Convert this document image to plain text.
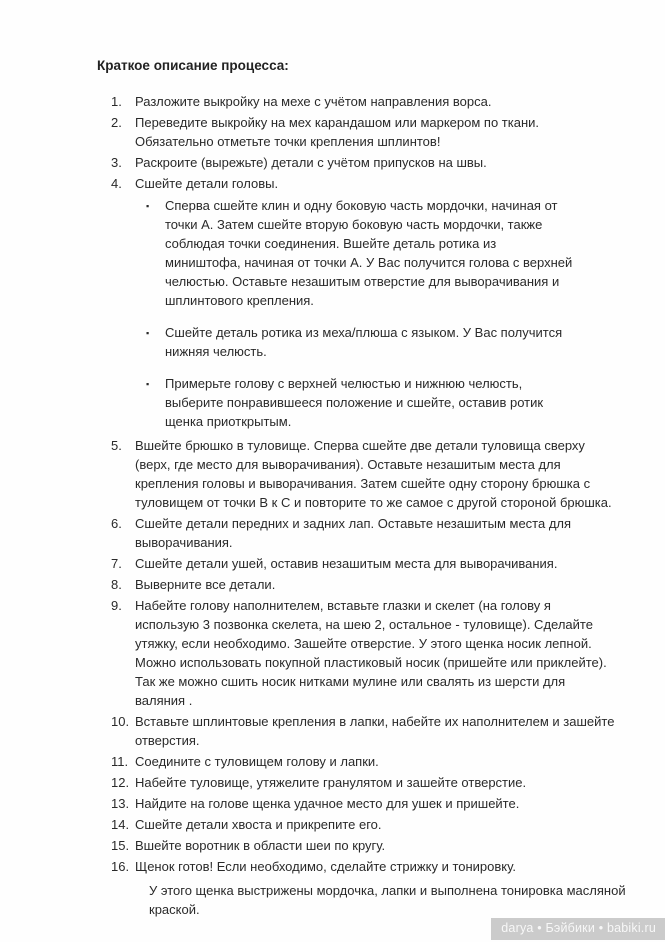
Краткое описание процесса:
1.	Разложите выкройку на мехе с учётом направления ворса.
2.	Переведите выкройку на мех карандашом или маркером по ткани. Обязательно отметьте точки крепления шплинтов!
3.	Раскроите (вырежьте) детали с учётом припусков на швы.
4.	Сшейте детали головы.
▪	Сперва сшейте клин и одну боковую часть мордочки, начиная от точки А. Затем сшейте вторую боковую часть мордочки, также соблюдая точки соединения. Вшейте деталь ротика из миништофа, начиная от точки А. У Вас получится голова с верхней челюстью. Оставьте незашитым отверстие для выворачивания и шплинтового крепления.
▪	Сшейте деталь ротика из меха/плюша с языком. У Вас получится нижняя челюсть.
▪	Примерьте голову с верхней челюстью и нижнюю челюсть, выберите понравившееся положение и сшейте, оставив ротик щенка приоткрытым.
5.	Вшейте брюшко в туловище. Сперва сшейте две детали туловища сверху (верх, где место для выворачивания). Оставьте незашитым места для крепления головы и выворачивания. Затем сшейте одну сторону брюшка с туловищем от точки В к С и повторите то же самое с другой стороной брюшка.
6.	Сшейте детали передних и задних лап. Оставьте незашитым места для выворачивания.
7.	Сшейте детали ушей, оставив незашитым места для выворачивания.
8.	Выверните все детали.
9.	Набейте голову наполнителем, вставьте глазки и скелет (на голову я использую 3 позвонка скелета, на шею 2, остальное - туловище). Сделайте утяжку, если необходимо. Зашейте отверстие. У этого щенка носик лепной. Можно использовать покупной пластиковый носик (пришейте или приклейте). Так же можно сшить носик нитками мулине или свалять из шерсти для валяния .
10. Вставьте шплинтовые крепления в лапки, набейте их наполнителем и зашейте отверстия.
11. Соедините с туловищем голову и лапки.
12. Набейте туловище, утяжелите гранулятом и зашейте отверстие.
13. Найдите на голове щенка удачное место для ушек и пришейте.
14. Сшейте детали хвоста и прикрепите его.
15. Вшейте воротник в области шеи по кругу.
16. Щенок готов! Если необходимо, сделайте стрижку и тонировку.
У этого щенка выстрижены мордочка, лапки и выполнена тонировка масляной краской.
darya • Бэйбики • babiki.ru
